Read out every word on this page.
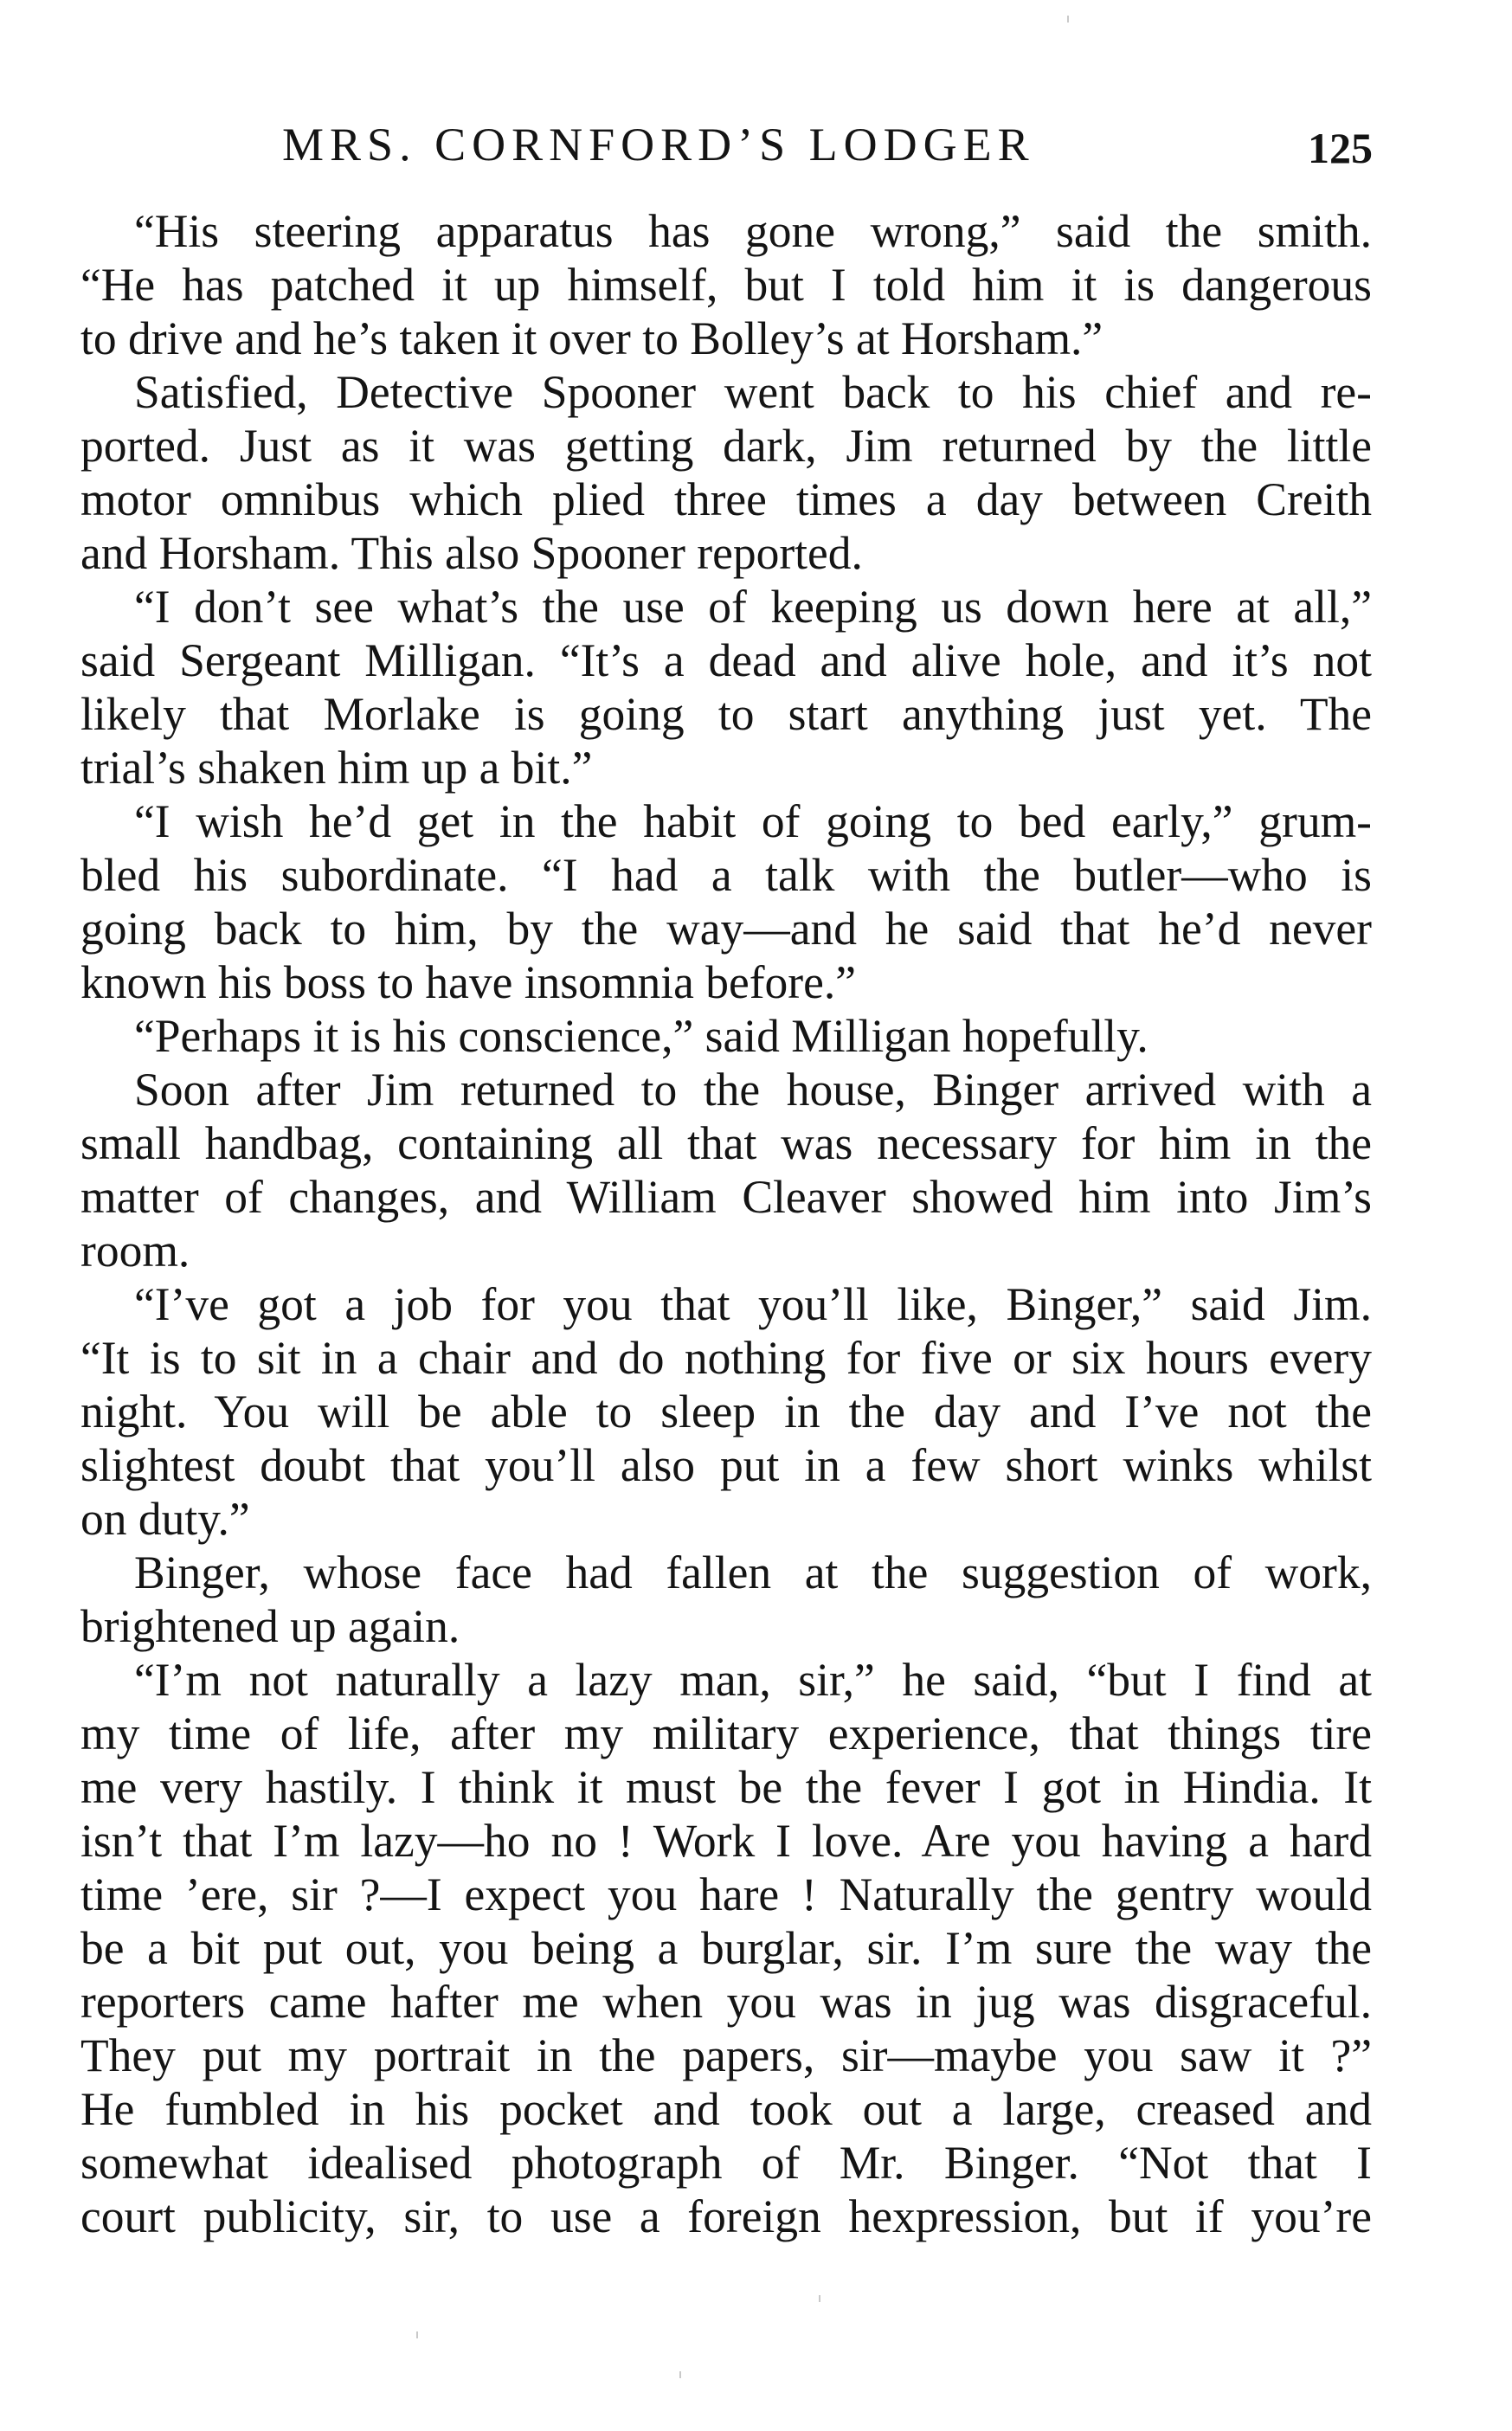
MRS. CORNFORD’S LODGER	125
“His steering apparatus has gone wrong,” said the smith.
“He has patched it up himself, but I told him it is dangerous
to drive and he’s taken it over to Bolley’s at Horsham.”
Satisfied, Detective Spooner went back to his chief and re-
ported. Just as it was getting dark, Jim returned by the little
motor omnibus which plied three times a day between Creith
and Horsham. This also Spooner reported.
“I don’t see what’s the use of keeping us down here at all,”
said Sergeant Milligan. “It’s a dead and alive hole, and it’s not
likely that Morlake is going to start anything just yet. The
trial’s shaken him up a bit.”
“I wish he’d get in the habit of going to bed early,” grum-
bled his subordinate. “I had a talk with the butler—who is
going back to him, by the way—and he said that he’d never
known his boss to have insomnia before.”
“Perhaps it is his conscience,” said Milligan hopefully.
Soon after Jim returned to the house, Binger arrived with a
small handbag, containing all that was necessary for him in the
matter of changes, and William Cleaver showed him into Jim’s
room.
“I’ve got a job for you that you’ll like, Binger,” said Jim.
“It is to sit in a chair and do nothing for five or six hours every
night. You will be able to sleep in the day and I’ve not the
slightest doubt that you’ll also put in a few short winks whilst
on duty.”
Binger, whose face had fallen at the suggestion of work,
brightened up again.
“I’m not naturally a lazy man, sir,” he said, “but I find at
my time of life, after my military experience, that things tire
me very hastily. I think it must be the fever I got in Hindia. It
isn’t that I’m lazy—ho no ! Work I love. Are you having a hard
time ’ere, sir ?—I expect you hare ! Naturally the gentry would
be a bit put out, you being a burglar, sir. I’m sure the way the
reporters came hafter me when you was in jug was disgraceful.
They put my portrait in the papers, sir—maybe you saw it ?”
He fumbled in his pocket and took out a large, creased and
somewhat idealised photograph of Mr. Binger. “Not that I
court publicity, sir, to use a foreign hexpression, but if you’re
